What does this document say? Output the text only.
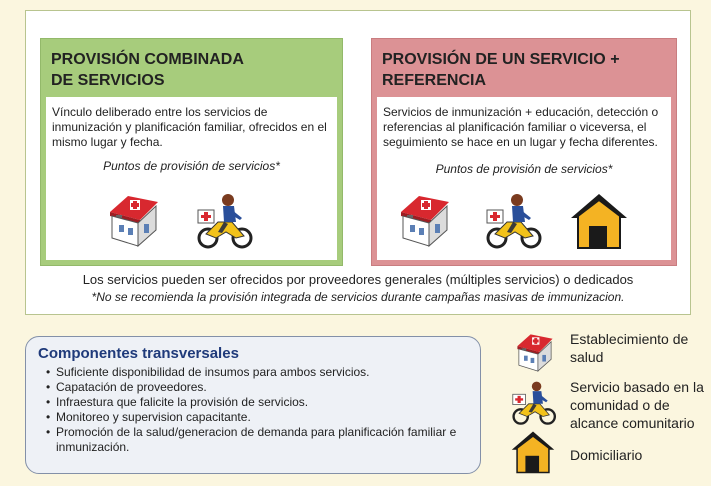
PROVISIÓN COMBINADA
DE SERVICIOS
Vínculo deliberado entre los servicios de inmunización y planificación familiar, ofrecidos en el mismo lugar y fecha.
Puntos de provisión de servicios*
PROVISIÓN DE UN SERVICIO +
REFERENCIA
Servicios de inmunización + educación, detección o referencias al planificación familiar o viceversa, el seguimiento se hace en un lugar y fecha diferentes.
Puntos de provisión de servicios*
Los servicios pueden ser ofrecidos por proveedores generales (múltiples servicios) o dedicados
*No se recomienda la provisión integrada de servicios durante campañas masivas de immunizacion.
Componentes transversales
• Suficiente disponibilidad de insumos para ambos servicios.
• Capatación de proveedores.
• Infraestura que falicite la provisión de servicios.
• Monitoreo y supervision capacitante.
• Promoción de la salud/generacion de demanda para planificación familiar e inmunización.
Establecimiento de salud
Servicio basado en la comunidad o de alcance comunitario
Domiciliario
